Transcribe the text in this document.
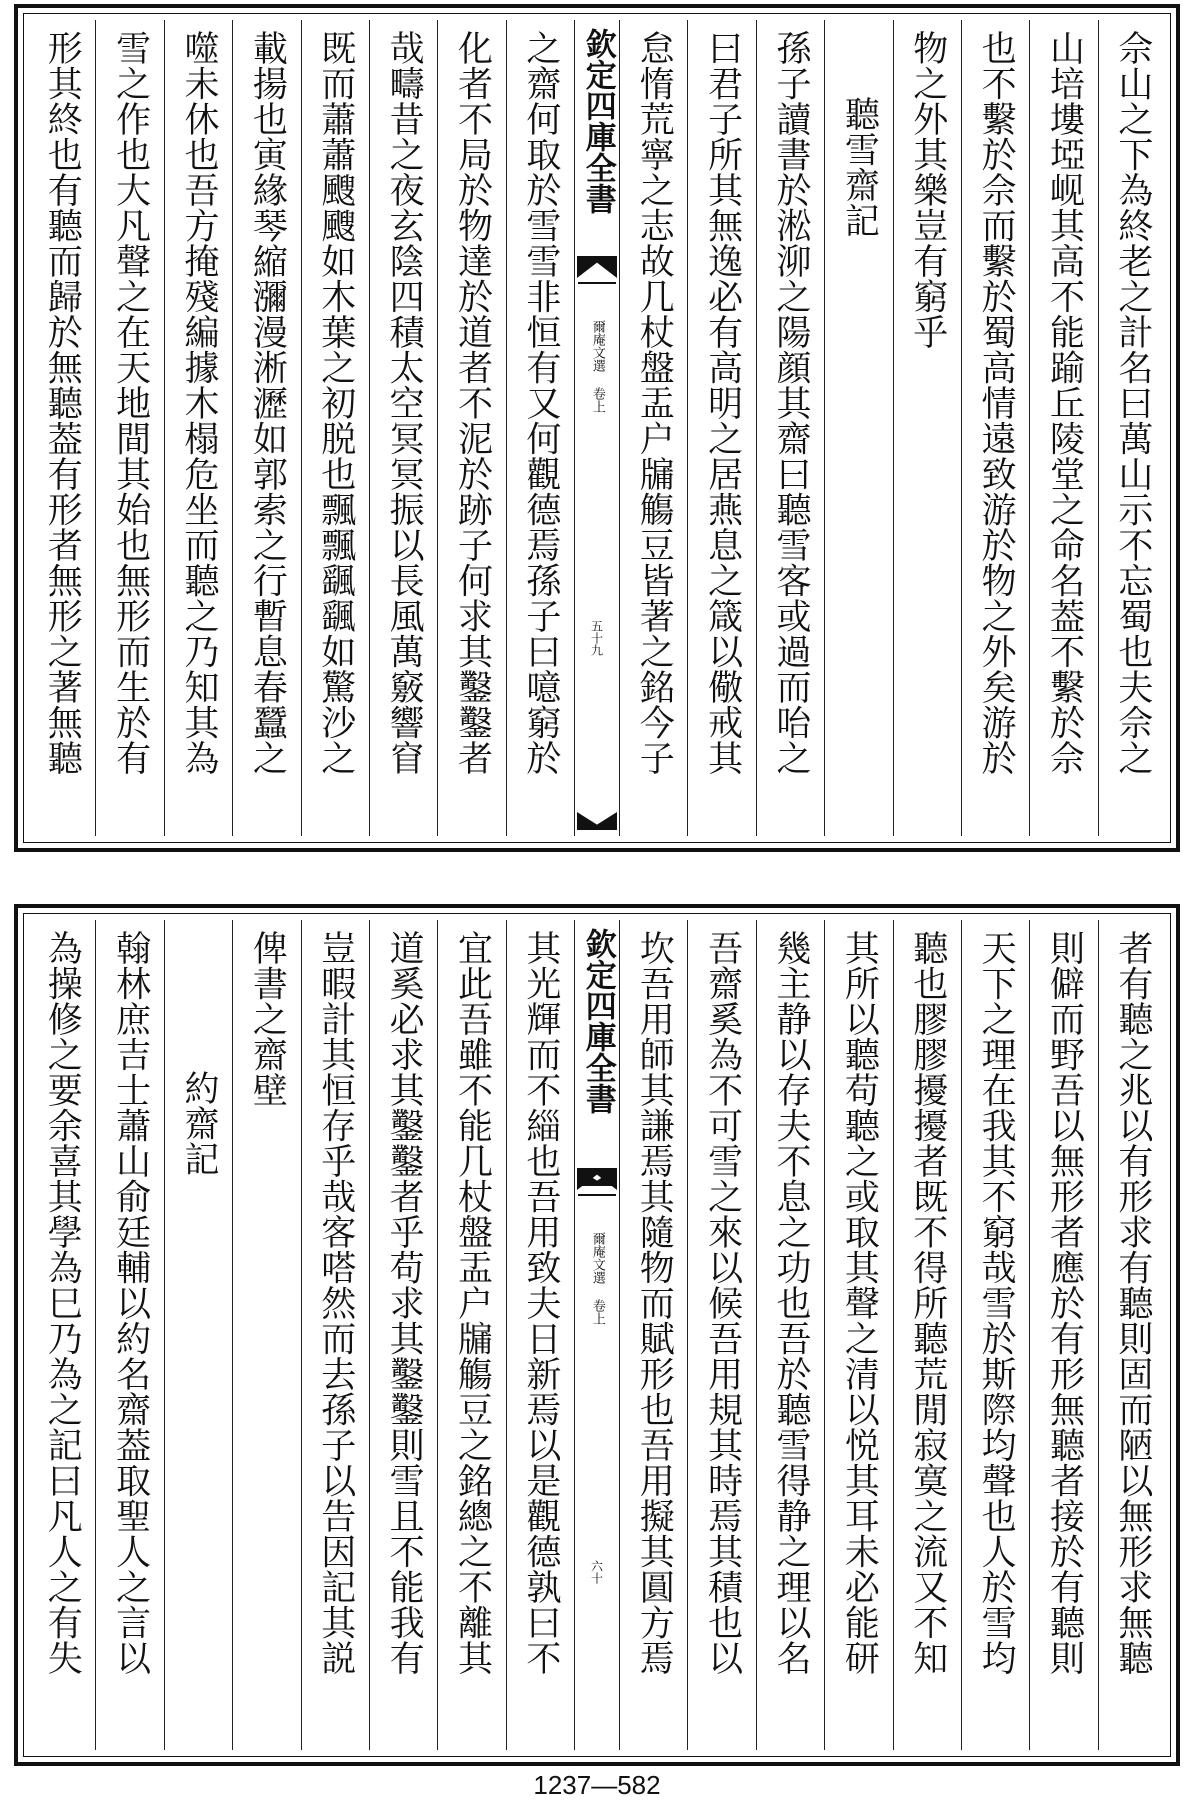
佘山之下為終老之計名曰萬山示不忘蜀也夫佘之
山培塿埡岘其高不能踰丘陵堂之命名葢不繫於佘
也不繫於佘而繫於蜀高情遠致游於物之外矣游於
物之外其樂豈有窮乎
聽雪齋記
孫子讀書於淞泖之陽顔其齋曰聽雪客或過而咍之
曰君子所其無逸必有高明之居燕息之箴以儆戒其
怠惰荒寧之志故几杖盤盂户牖觴豆皆著之銘今子
欽定四庫全書
爾庵文選 卷上
五十九
之齋何取於雪雪非恒有又何觀德焉孫子曰噫窮於
化者不局於物達於道者不泥於跡子何求其鑿鑿者
哉疇昔之夜玄陰四積太空冥冥振以長風萬竅響窅
既而蕭蕭颼颼如木葉之初脱也飄飄颻颻如驚沙之
載揚也寅緣琴縮瀰漫淅瀝如郭索之行暫息春蠶之
噬未休也吾方掩殘編據木榻危坐而聽之乃知其為
雪之作也大凡聲之在天地間其始也無形而生於有
形其終也有聽而歸於無聽葢有形者無形之著無聽
者有聽之兆以有形求有聽則固而陋以無形求無聽
則僻而野吾以無形者應於有形無聽者接於有聽則
天下之理在我其不窮哉雪於斯際均聲也人於雪均
聽也膠膠擾擾者既不得所聽荒閒寂寞之流又不知
其所以聽苟聽之或取其聲之清以悦其耳未必能研
幾主静以存夫不息之功也吾於聽雪得静之理以名
吾齋奚為不可雪之來以候吾用規其時焉其積也以
坎吾用師其謙焉其隨物而賦形也吾用擬其圓方焉
欽定四庫全書
爾庵文選 卷上
六十
其光輝而不緇也吾用致夫日新焉以是觀德孰曰不
宜此吾雖不能几杖盤盂户牖觴豆之銘總之不離其
道奚必求其鑿鑿者乎苟求其鑿鑿則雪且不能我有
豈暇計其恒存乎哉客嗒然而去孫子以告因記其説
俾書之齋壁
約齋記
翰林庶吉士蕭山俞廷輔以約名齋葢取聖人之言以
為操修之要余喜其學為巳乃為之記曰凡人之有失
1237—582
